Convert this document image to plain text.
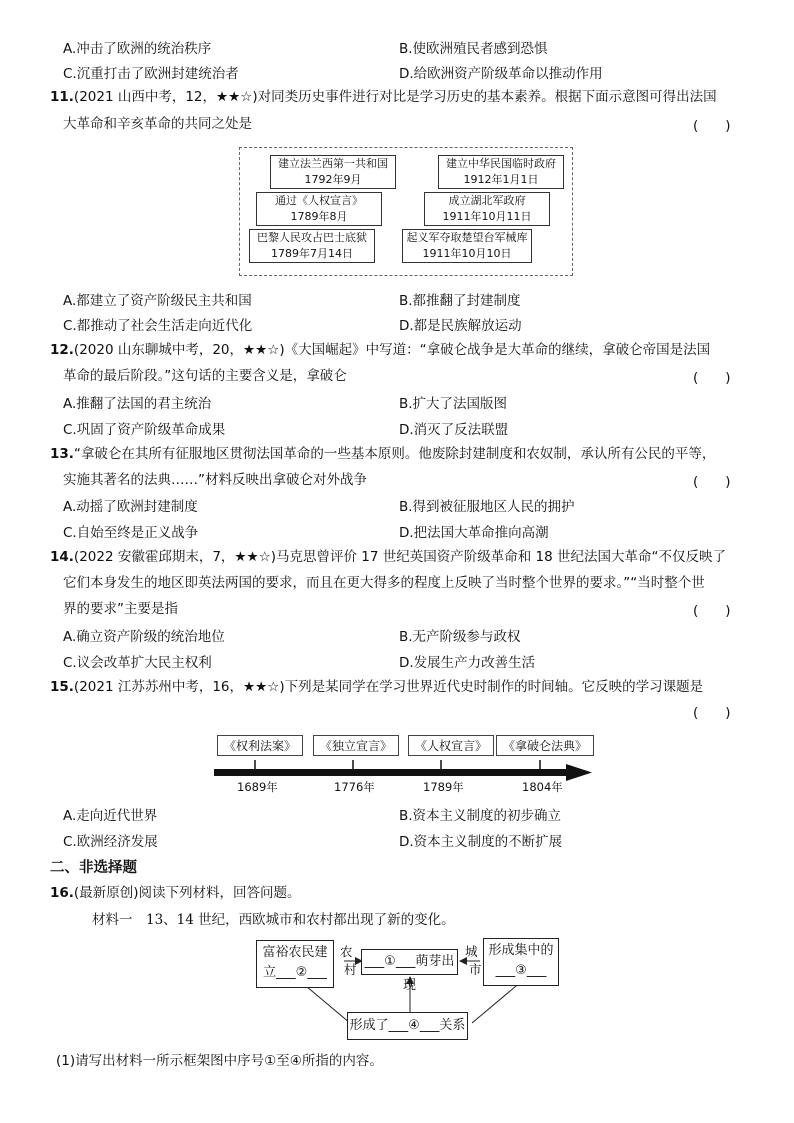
A.冲击了欧洲的统治秩序	B.使欧洲殖民者感到恐惧
C.沉重打击了欧洲封建统治者	D.给欧洲资产阶级革命以推动作用
11.(2021 山西中考，12，★★☆)对同类历史事件进行对比是学习历史的基本素养。根据下面示意图可得出法国
大革命和辛亥革命的共同之处是	(　　)
建立法兰西第一共和国
1792年9月
通过《人权宣言》
1789年8月
巴黎人民攻占巴士底狱
1789年7月14日
建立中华民国临时政府
1912年1月1日
成立湖北军政府
1911年10月11日
起义军夺取楚望台军械库
1911年10月10日
A.都建立了资产阶级民主共和国	B.都推翻了封建制度
C.都推动了社会生活走向近代化	D.都是民族解放运动
12.(2020 山东聊城中考，20，★★☆)《大国崛起》中写道：“拿破仑战争是大革命的继续，拿破仑帝国是法国
革命的最后阶段。”这句话的主要含义是，拿破仑	(　　)
A.推翻了法国的君主统治	B.扩大了法国版图
C.巩固了资产阶级革命成果	D.消灭了反法联盟
13.“拿破仑在其所有征服地区贯彻法国革命的一些基本原则。他废除封建制度和农奴制，承认所有公民的平等，
实施其著名的法典……”材料反映出拿破仑对外战争	(　　)
A.动摇了欧洲封建制度	B.得到被征服地区人民的拥护
C.自始至终是正义战争	D.把法国大革命推向高潮
14.(2022 安徽霍邱期末，7，★★☆)马克思曾评价 17 世纪英国资产阶级革命和 18 世纪法国大革命“不仅反映了
它们本身发生的地区即英法两国的要求，而且在更大得多的程度上反映了当时整个世界的要求。”“当时整个世
界的要求”主要是指	(　　)
A.确立资产阶级的统治地位	B.无产阶级参与政权
C.议会改革扩大民主权利	D.发展生产力改善生活
15.(2021 江苏苏州中考，16，★★☆)下列是某同学在学习世界近代史时制作的时间轴。它反映的学习课题是
(　　)
《权利法案》	《独立宣言》	《人权宣言》	《拿破仑法典》
1689年	1776年	1789年	1804年
A.走向近代世界	B.资本主义制度的初步确立
C.欧洲经济发展	D.资本主义制度的不断扩展
二、非选择题
16.(最新原创)阅读下列材料，回答问题。
材料一　13、14 世纪，西欧城市和农村都出现了新的变化。
富裕农民建
立___②___
农
村
___①___萌芽出现
城
市
形成集中的
___③___
形成了___④___关系
(1)请写出材料一所示框架图中序号①至④所指的内容。
